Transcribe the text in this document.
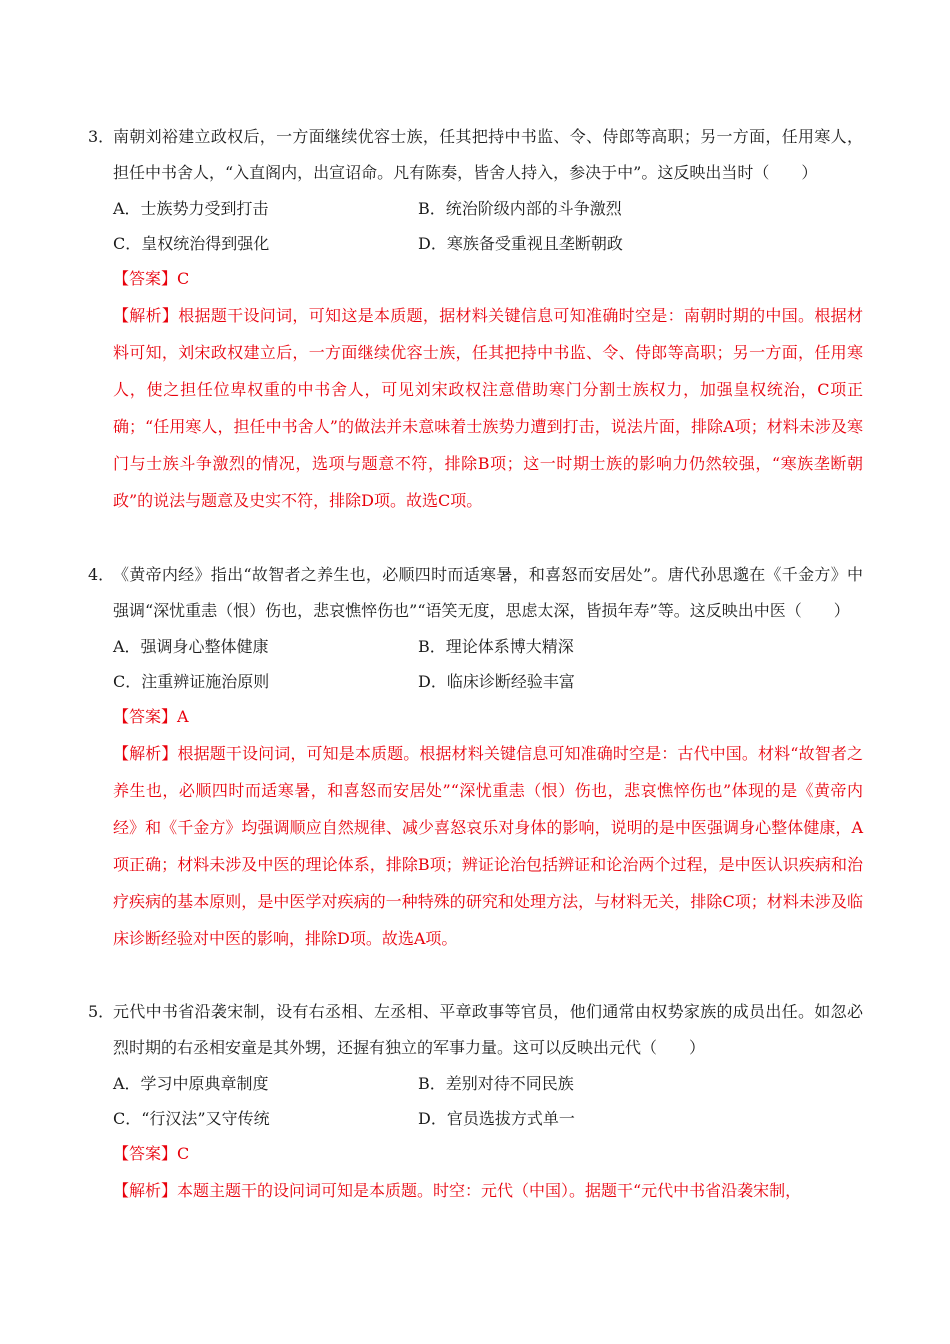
3．
南朝刘裕建立政权后，一方面继续优容士族，任其把持中书监、令、侍郎等高职；另一方面，任用寒人，担任中书舍人，“入直阁内，出宣诏命。凡有陈奏，皆舍人持入，参决于中”。这反映出当时（　　）
A．士族势力受到打击	B．统治阶级内部的斗争激烈
C．皇权统治得到强化	D．寒族备受重视且垄断朝政
【答案】C
【解析】根据题干设问词，可知这是本质题，据材料关键信息可知准确时空是：南朝时期的中国。根据材料可知，刘宋政权建立后，一方面继续优容士族，任其把持中书监、令、侍郎等高职；另一方面，任用寒人，使之担任位卑权重的中书舍人，可见刘宋政权注意借助寒门分割士族权力，加强皇权统治，C项正确；“任用寒人，担任中书舍人”的做法并未意味着士族势力遭到打击，说法片面，排除A项；材料未涉及寒门与士族斗争激烈的情况，选项与题意不符，排除B项；这一时期士族的影响力仍然较强，“寒族垄断朝政”的说法与题意及史实不符，排除D项。故选C项。
4．
《黄帝内经》指出“故智者之养生也，必顺四时而适寒暑，和喜怒而安居处”。唐代孙思邈在《千金方》中强调“深忧重恚（恨）伤也，悲哀憔悴伤也”“语笑无度，思虑太深，皆损年寿”等。这反映出中医（　　）
A．强调身心整体健康	B．理论体系博大精深
C．注重辨证施治原则	D．临床诊断经验丰富
【答案】A
【解析】根据题干设问词，可知是本质题。根据材料关键信息可知准确时空是：古代中国。材料“故智者之养生也，必顺四时而适寒暑，和喜怒而安居处”“深忧重恚（恨）伤也，悲哀憔悴伤也”体现的是《黄帝内经》和《千金方》均强调顺应自然规律、减少喜怒哀乐对身体的影响，说明的是中医强调身心整体健康，A项正确；材料未涉及中医的理论体系，排除B项；辨证论治包括辨证和论治两个过程，是中医认识疾病和治疗疾病的基本原则，是中医学对疾病的一种特殊的研究和处理方法，与材料无关，排除C项；材料未涉及临床诊断经验对中医的影响，排除D项。故选A项。
5．
元代中书省沿袭宋制，设有右丞相、左丞相、平章政事等官员，他们通常由权势家族的成员出任。如忽必烈时期的右丞相安童是其外甥，还握有独立的军事力量。这可以反映出元代（　　）
A．学习中原典章制度	B．差别对待不同民族
C．“行汉法”又守传统	D．官员选拔方式单一
【答案】C
【解析】本题主题干的设问词可知是本质题。时空：元代（中国）。据题干“元代中书省沿袭宋制，
